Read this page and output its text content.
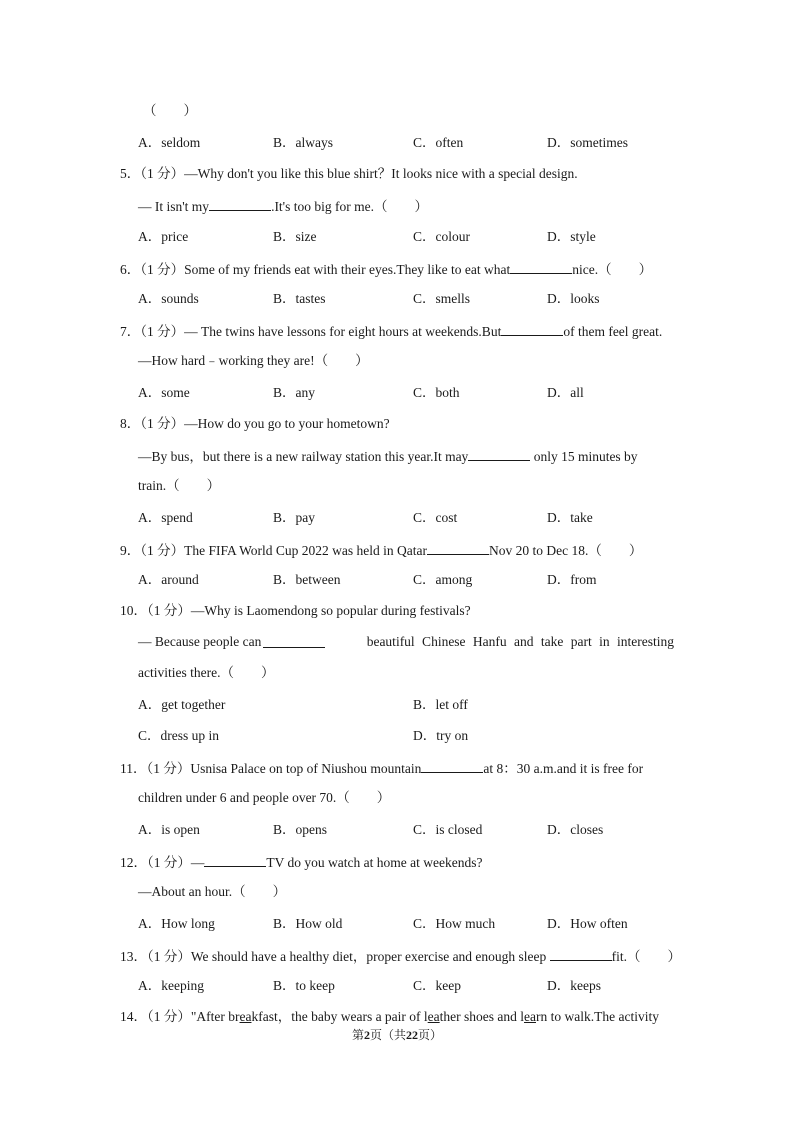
（　　）
A．seldom	B．always	C．often	D．sometimes
5．（1 分）—Why don't you like this blue shirt？It looks nice with a special design.
— It isn't my	.It's too big for me.（　　）
A．price	B．size	C．colour	D．style
6．（1 分）Some of my friends eat with their eyes.They like to eat what	nice.（　　）
A．sounds	B．tastes	C．smells	D．looks
7．（1 分）— The twins have lessons for eight hours at weekends.But	of them feel great.
—How hard﹣working they are!（　　）
A．some	B．any	C．both	D．all
8．（1 分）—How do you go to your hometown?
—By bus，but there is a new railway station this year.It may	only 15 minutes by
train.（　　）
A．spend	B．pay	C．cost	D．take
9．（1 分）The FIFA World Cup 2022 was held in Qatar	Nov 20 to Dec 18.（　　）
A．around	B．between	C．among	D．from
10．（1 分）—Why is Laomendong so popular during festivals?
— Because people can	beautiful Chinese Hanfu and take part in interesting
activities there.（　　）
A．get together	B．let off
C．dress up in	D．try on
11．（1 分）Usnisa Palace on top of Niushou mountain	at 8：30 a.m.and it is free for
children under 6 and people over 70.（　　）
A．is open	B．opens	C．is closed	D．closes
12．（1 分）—	TV do you watch at home at weekends?
—About an hour.（　　）
A．How long	B．How old	C．How much	D．How often
13．（1 分）We should have a healthy diet，proper exercise and enough sleep	fit.（　　）
A．keeping	B．to keep	C．keep	D．keeps
14．（1 分）"After breakfast，the baby wears a pair of leather shoes and learn to walk.The activity
第2页（共22页）
